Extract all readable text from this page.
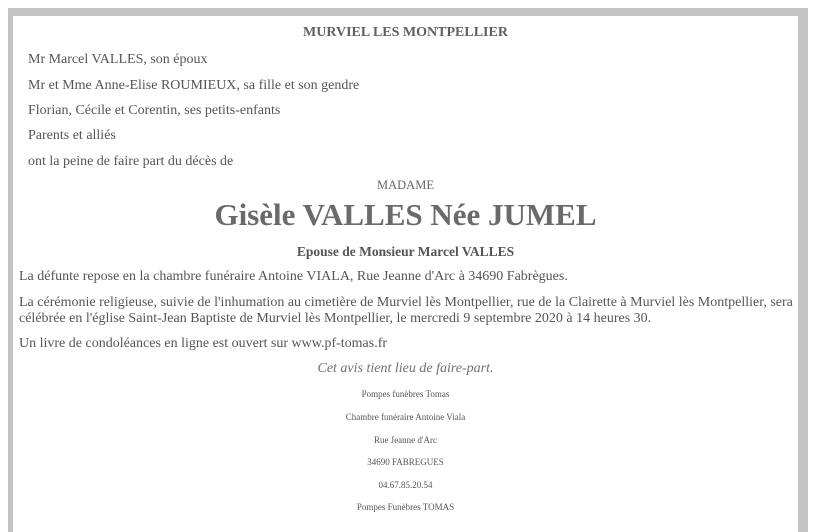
MURVIEL LES MONTPELLIER
Mr Marcel VALLES, son époux
Mr et Mme Anne-Elise ROUMIEUX, sa fille et son gendre
Florian, Cécile et Corentin, ses petits-enfants
Parents et alliés
ont la peine de faire part du décès de
MADAME
Gisèle VALLES Née JUMEL
Epouse de Monsieur Marcel VALLES
La défunte repose en la chambre funéraire Antoine VIALA, Rue Jeanne d'Arc à 34690 Fabrègues.
La cérémonie religieuse, suivie de l'inhumation au cimetière de Murviel lès Montpellier, rue de la Clairette à Murviel lès Montpellier, sera célébrée en l'église Saint-Jean Baptiste de Murviel lès Montpellier, le mercredi 9 septembre 2020 à 14 heures 30.
Un livre de condoléances en ligne est ouvert sur www.pf-tomas.fr
Cet avis tient lieu de faire-part.
Pompes funèbres Tomas
Chambre funéraire Antoine Viala
Rue Jeanne d'Arc
34690 FABREGUES
04.67.85.20.54
Pompes Funèbres TOMAS
